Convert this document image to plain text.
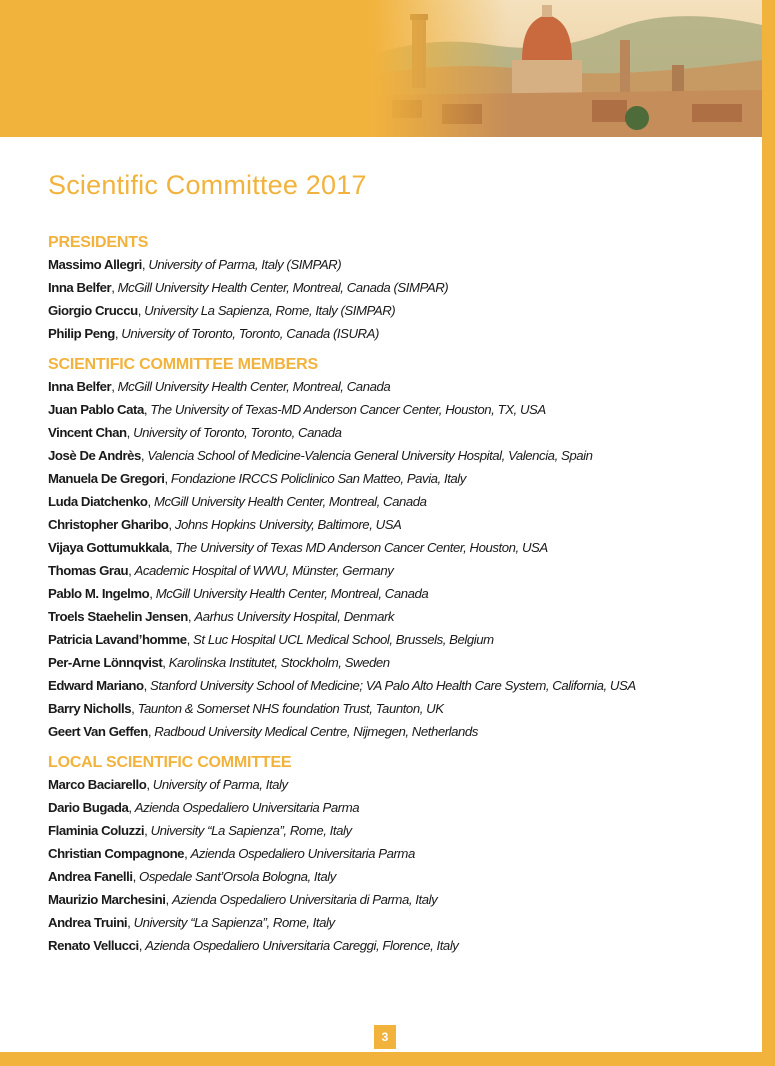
Scientific Committee 2017
PRESIDENTS
Massimo Allegri, University of Parma, Italy (SIMPAR)
Inna Belfer, McGill University Health Center, Montreal, Canada (SIMPAR)
Giorgio Cruccu, University La Sapienza, Rome, Italy (SIMPAR)
Philip Peng, University of Toronto, Toronto, Canada (ISURA)
SCIENTIFIC COMMITTEE MEMBERS
Inna Belfer, McGill University Health Center, Montreal, Canada
Juan Pablo Cata, The University of Texas-MD Anderson Cancer Center, Houston, TX, USA
Vincent Chan, University of Toronto, Toronto, Canada
Josè De Andrès, Valencia School of Medicine-Valencia General University Hospital, Valencia, Spain
Manuela De Gregori, Fondazione IRCCS Policlinico San Matteo, Pavia, Italy
Luda Diatchenko, McGill University Health Center, Montreal, Canada
Christopher Gharibo, Johns Hopkins University, Baltimore, USA
Vijaya Gottumukkala, The University of Texas MD Anderson Cancer Center, Houston, USA
Thomas Grau, Academic Hospital of WWU, Münster, Germany
Pablo M. Ingelmo, McGill University Health Center, Montreal, Canada
Troels Staehelin Jensen, Aarhus University Hospital, Denmark
Patricia Lavand’homme, St Luc Hospital UCL Medical School, Brussels, Belgium
Per-Arne Lönnqvist, Karolinska Institutet, Stockholm, Sweden
Edward Mariano, Stanford University School of Medicine; VA Palo Alto Health Care System, California, USA
Barry Nicholls, Taunton & Somerset NHS foundation Trust, Taunton, UK
Geert Van Geffen, Radboud University Medical Centre, Nijmegen, Netherlands
LOCAL SCIENTIFIC COMMITTEE
Marco Baciarello, University of Parma, Italy
Dario Bugada, Azienda Ospedaliero Universitaria Parma
Flaminia Coluzzi, University “La Sapienza”, Rome, Italy
Christian Compagnone, Azienda Ospedaliero Universitaria Parma
Andrea Fanelli, Ospedale Sant’Orsola Bologna, Italy
Maurizio Marchesini, Azienda Ospedaliero Universitaria di Parma, Italy
Andrea Truini, University “La Sapienza”, Rome, Italy
Renato Vellucci, Azienda Ospedaliero Universitaria Careggi, Florence, Italy
3
